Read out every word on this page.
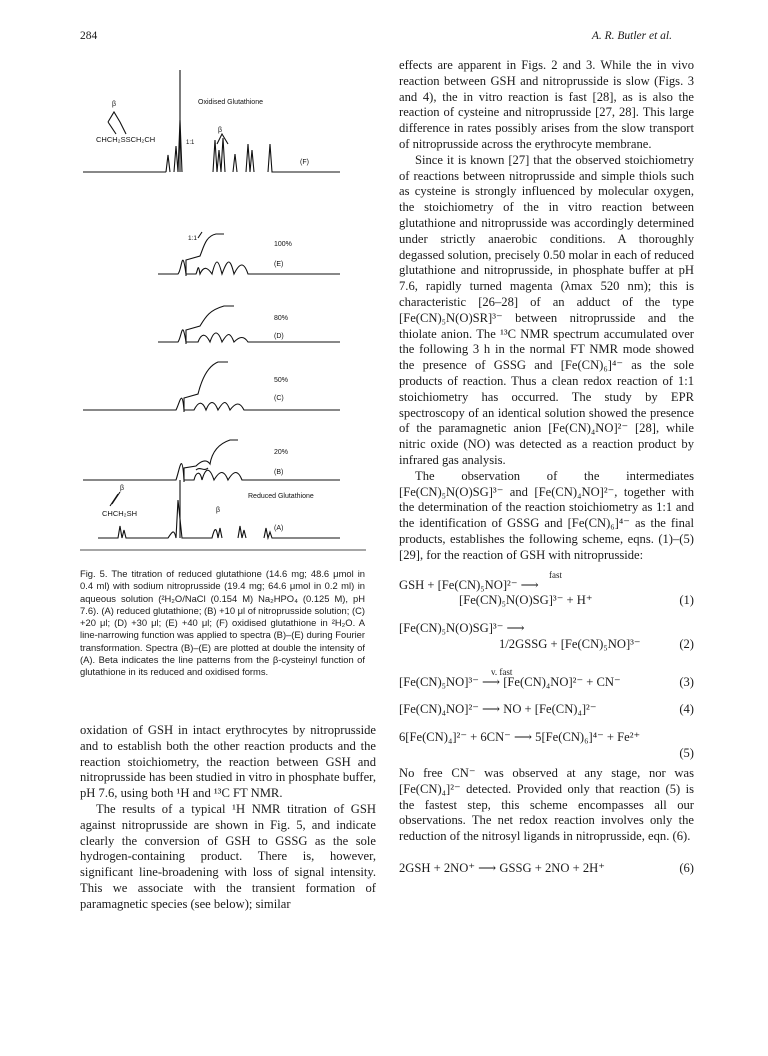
284	A. R. Butler et al.
β	Oxidised Glutathione
CHCH₂SSCH₂CH	1:1
β
(F)
1:1
100%
(E)
80%
(D)
50%
(C)
20%
(B)
β
CHCH₂SH
Reduced Glutathione
β
(A)

Fig. 5. The titration of reduced glutathione (14.6 mg; 48.6 μmol in 0.4 ml) with sodium nitroprusside (19.4 mg; 64.6 μmol in 0.2 ml) in aqueous solution (²H₂O/NaCl (0.154 M) Na₂HPO₄ (0.125 M), pH 7.6). (A) reduced glutathione; (B) +10 μl of nitroprusside solution; (C) +20 μl; (D) +30 μl; (E) +40 μl; (F) oxidised glutathione in ²H₂O. A line-narrowing function was applied to spectra (B)–(E) during Fourier transformation. Spectra (B)–(E) are plotted at double the intensity of (A). Beta indicates the line patterns from the β-cysteinyl function of glutathione in its reduced and oxidised forms.

oxidation of GSH in intact erythrocytes by nitroprusside and to establish both the other reaction products and the reaction stoichiometry, the reaction between GSH and nitroprusside has been studied in vitro in phosphate buffer, pH 7.6, using both ¹H and ¹³C FT NMR.

The results of a typical ¹H NMR titration of GSH against nitroprusside are shown in Fig. 5, and indicate clearly the conversion of GSH to GSSG as the sole hydrogen-containing product. There is, however, significant line-broadening with loss of signal intensity. This we associate with the transient formation of paramagnetic species (see below); similar

effects are apparent in Figs. 2 and 3. While the in vivo reaction between GSH and nitroprusside is slow (Figs. 3 and 4), the in vitro reaction is fast [28], as is also the reaction of cysteine and nitroprusside [27, 28]. This large difference in rates possibly arises from the slow transport of nitroprusside across the erythrocyte membrane.

Since it is known [27] that the observed stoichiometry of reactions between nitroprusside and simple thiols such as cysteine is strongly influenced by molecular oxygen, the stoichiometry of the in vitro reaction between glutathione and nitroprusside was accordingly determined under strictly anaerobic conditions. A thoroughly degassed solution, precisely 0.50 molar in each of reduced glutathione and nitroprusside, in phosphate buffer at pH 7.6, rapidly turned magenta (λmax 520 nm); this is characteristic [26–28] of an adduct of the type [Fe(CN)₅N(O)SR]³⁻ between nitroprusside and the thiolate anion. The ¹³C NMR spectrum accumulated over the following 3 h in the normal FT NMR mode showed the presence of GSSG and [Fe(CN)₆]⁴⁻ as the sole products of reaction. Thus a clean redox reaction of 1:1 stoichiometry has occurred. The study by EPR spectroscopy of an identical solution showed the presence of the paramagnetic anion [Fe(CN)₄NO]²⁻ [28], while nitric oxide (NO) was detected as a reaction product by infrared gas analysis.

The observation of the intermediates [Fe(CN)₅N(O)SG]³⁻ and [Fe(CN)₄NO]²⁻, together with the determination of the reaction stoichiometry as 1:1 and the identification of GSSG and [Fe(CN)₆]⁴⁻ as the final products, establishes the following scheme, eqns. (1)–(5) [29], for the reaction of GSH with nitroprusside:

GSH + [Fe(CN)₅NO]²⁻ ⟶
fast
[Fe(CN)₅N(O)SG]³⁻ + H⁺	(1)
[Fe(CN)₅N(O)SG]³⁻ ⟶
1/2GSSG + [Fe(CN)₅NO]³⁻	(2)
v. fast
[Fe(CN)₅NO]³⁻ ⟶ [Fe(CN)₄NO]²⁻ + CN⁻	(3)
[Fe(CN)₄NO]²⁻ ⟶ NO + [Fe(CN)₄]²⁻	(4)
6[Fe(CN)₄]²⁻ + 6CN⁻ ⟶ 5[Fe(CN)₆]⁴⁻ + Fe²⁺
(5)

No free CN⁻ was observed at any stage, nor was [Fe(CN)₄]²⁻ detected. Provided only that reaction (5) is the fastest step, this scheme encompasses all our observations. The net redox reaction involves only the reduction of the nitrosyl ligands in nitroprusside, eqn. (6).

2GSH + 2NO⁺ ⟶ GSSG + 2NO + 2H⁺	(6)
